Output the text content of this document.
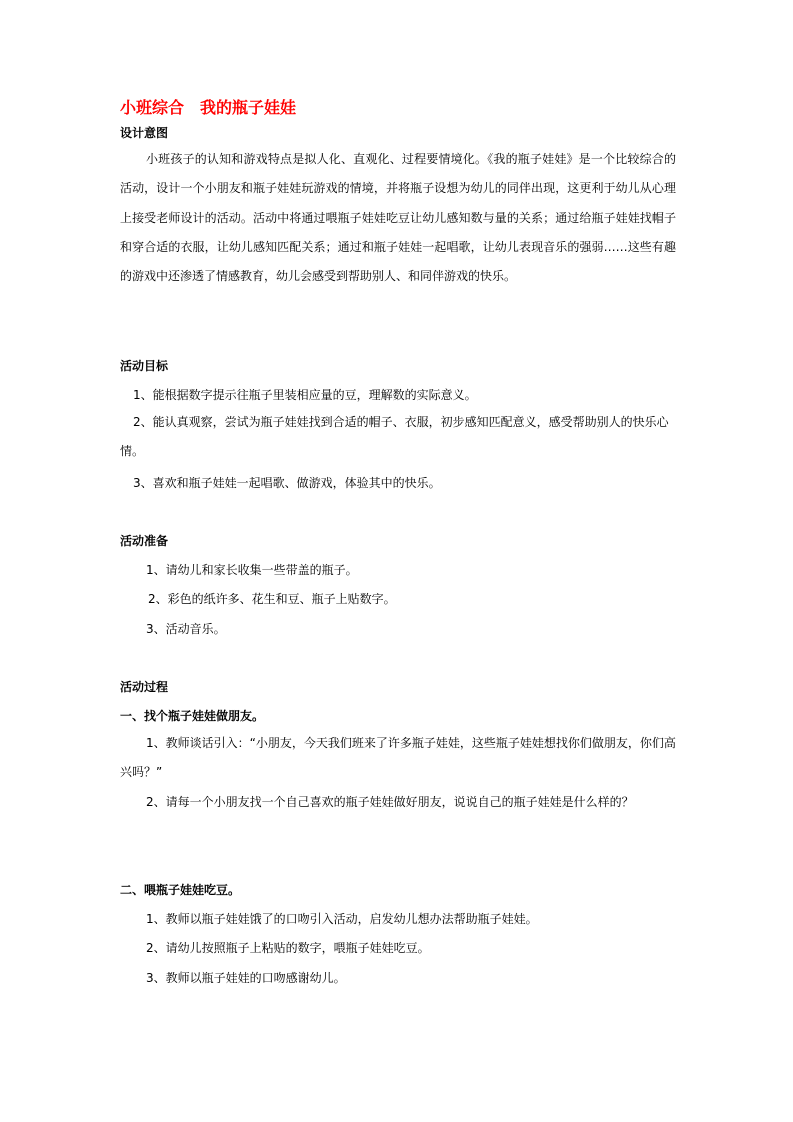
小班综合　我的瓶子娃娃
设计意图
小班孩子的认知和游戏特点是拟人化、直观化、过程要情境化。《我的瓶子娃娃》是一个比较综合的活动，设计一个小朋友和瓶子娃娃玩游戏的情境，并将瓶子设想为幼儿的同伴出现，这更利于幼儿从心理上接受老师设计的活动。活动中将通过喂瓶子娃娃吃豆让幼儿感知数与量的关系；通过给瓶子娃娃找帽子和穿合适的衣服，让幼儿感知匹配关系；通过和瓶子娃娃一起唱歌，让幼儿表现音乐的强弱……这些有趣的游戏中还渗透了情感教育，幼儿会感受到帮助别人、和同伴游戏的快乐。
活动目标
1、能根据数字提示往瓶子里装相应量的豆，理解数的实际意义。
2、能认真观察，尝试为瓶子娃娃找到合适的帽子、衣服，初步感知匹配意义，感受帮助别人的快乐心情。
3、喜欢和瓶子娃娃一起唱歌、做游戏，体验其中的快乐。
活动准备
1、请幼儿和家长收集一些带盖的瓶子。
2、彩色的纸许多、花生和豆、瓶子上贴数字。
3、活动音乐。
活动过程
一、找个瓶子娃娃做朋友。
1、教师谈话引入：“小朋友，今天我们班来了许多瓶子娃娃，这些瓶子娃娃想找你们做朋友，你们高兴吗？”
2、请每一个小朋友找一个自己喜欢的瓶子娃娃做好朋友，说说自己的瓶子娃娃是什么样的？
二、喂瓶子娃娃吃豆。
1、教师以瓶子娃娃饿了的口吻引入活动，启发幼儿想办法帮助瓶子娃娃。
2、请幼儿按照瓶子上粘贴的数字，喂瓶子娃娃吃豆。
3、教师以瓶子娃娃的口吻感谢幼儿。
